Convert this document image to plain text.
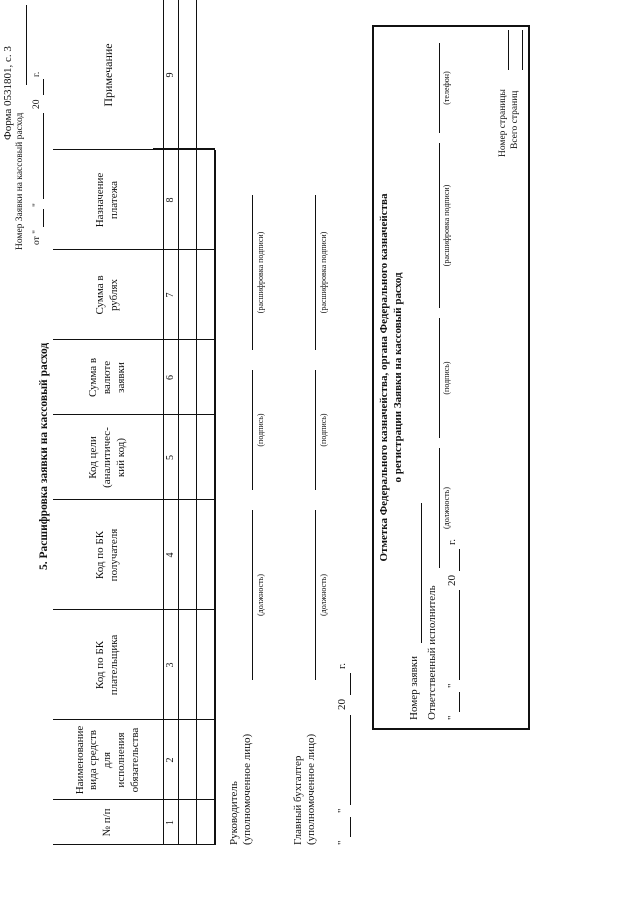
Форма 0531801, с. 3
Номер Заявки на кассовый расход от "
"
20
г.
5. Расшифровка заявки на кассовый расход
№ п/п
Наименование вида средств для исполнения обязательства
Код по БК плательщика
Код по БК получателя
Код цели (аналитичес-кий код)
Сумма в валюте заявки
Сумма в рублях
Назначение платежа
Примечание
1
2
3
4
5
6
7
8
9
Руководитель (уполномоченное лицо)
(должность)
(подпись)
(расшифровка подписи)
Главный бухгалтер (уполномоченное лицо)
(должность)
(подпись)
(расшифровка подписи)
"
"
20
г.
Отметка Федерального казначейства, органа Федерального казначейства о регистрации Заявки на кассовый расход
Номер заявки Ответственный исполнитель
(должность)
(подпись)
(расшифровка подписи)
(телефон)
"
"
20
г.
Номер страницы Всего страниц
